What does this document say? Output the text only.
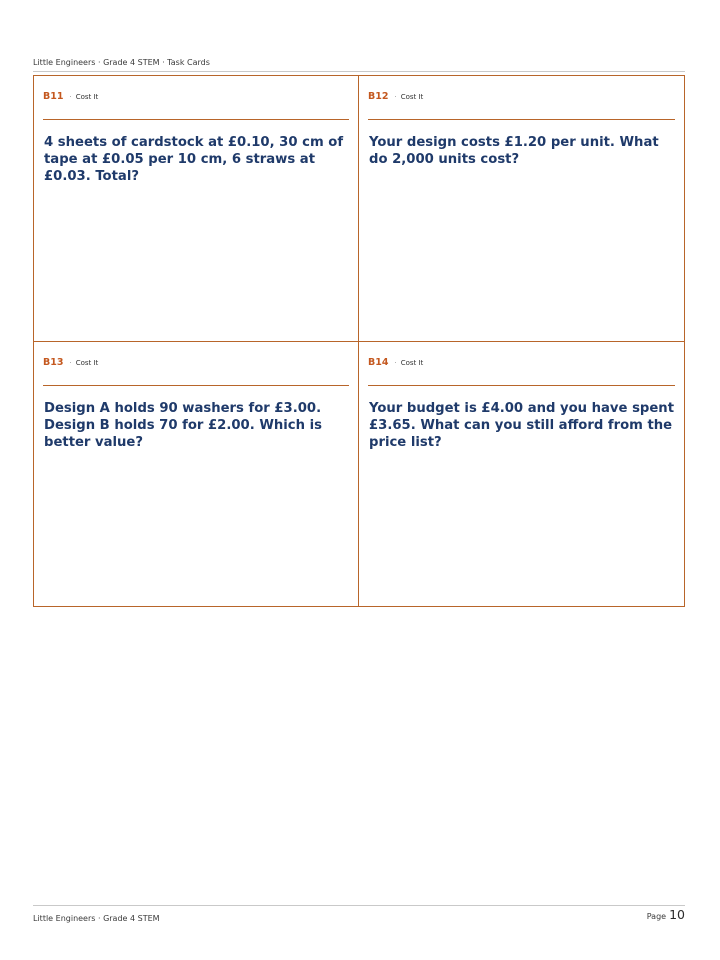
Little Engineers · Grade 4 STEM · Task Cards
B11 · Cost It
4 sheets of cardstock at £0.10, 30 cm of tape at £0.05 per 10 cm, 6 straws at £0.03. Total?
B12 · Cost It
Your design costs £1.20 per unit. What do 2,000 units cost?
B13 · Cost It
Design A holds 90 washers for £3.00. Design B holds 70 for £2.00. Which is better value?
B14 · Cost It
Your budget is £4.00 and you have spent £3.65. What can you still afford from the price list?
Little Engineers · Grade 4 STEM	Page 10
